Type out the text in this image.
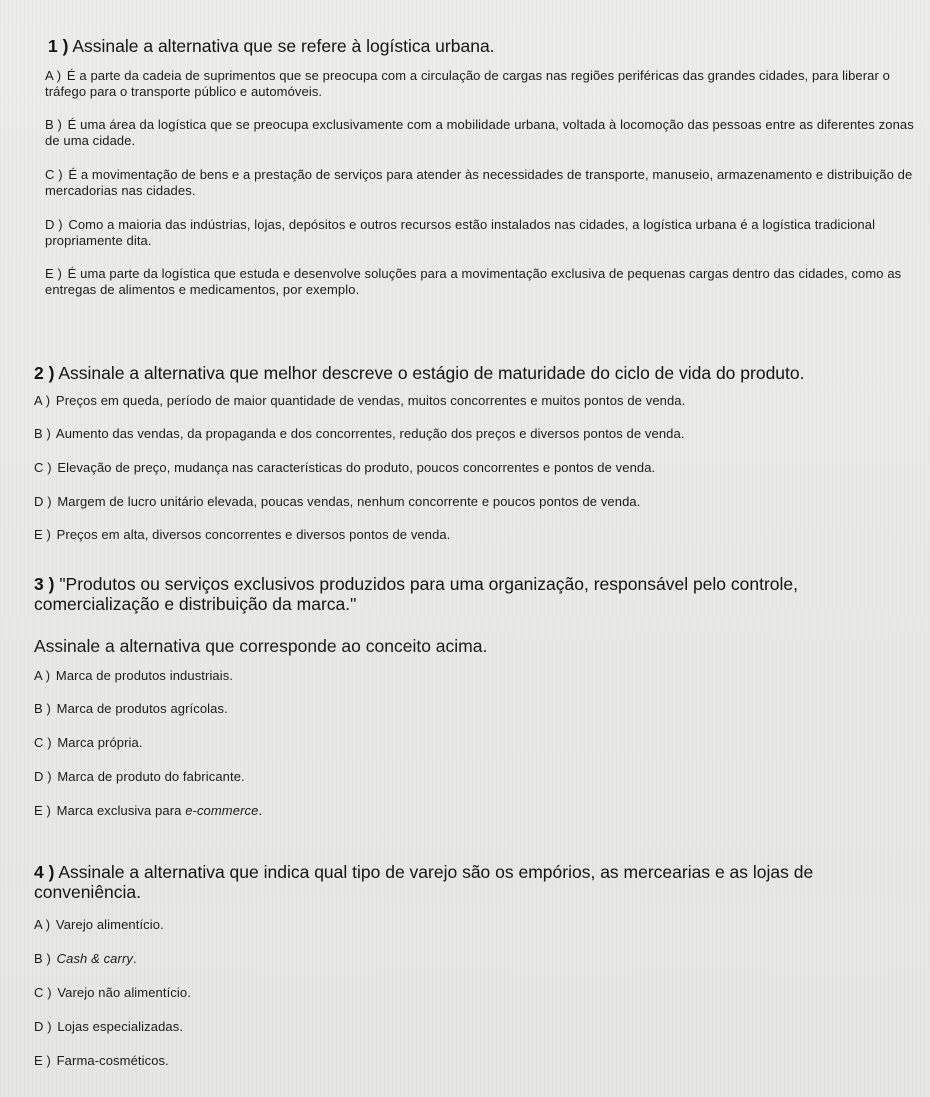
1 ) Assinale a alternativa que se refere à logística urbana.

A ) É a parte da cadeia de suprimentos que se preocupa com a circulação de cargas nas regiões periféricas das grandes cidades, para liberar o tráfego para o transporte público e automóveis.

B ) É uma área da logística que se preocupa exclusivamente com a mobilidade urbana, voltada à locomoção das pessoas entre as diferentes zonas de uma cidade.

C ) É a movimentação de bens e a prestação de serviços para atender às necessidades de transporte, manuseio, armazenamento e distribuição de mercadorias nas cidades.

D ) Como a maioria das indústrias, lojas, depósitos e outros recursos estão instalados nas cidades, a logística urbana é a logística tradicional propriamente dita.

E ) É uma parte da logística que estuda e desenvolve soluções para a movimentação exclusiva de pequenas cargas dentro das cidades, como as entregas de alimentos e medicamentos, por exemplo.

2 ) Assinale a alternativa que melhor descreve o estágio de maturidade do ciclo de vida do produto.

A ) Preços em queda, período de maior quantidade de vendas, muitos concorrentes e muitos pontos de venda.

B ) Aumento das vendas, da propaganda e dos concorrentes, redução dos preços e diversos pontos de venda.

C ) Elevação de preço, mudança nas características do produto, poucos concorrentes e pontos de venda.

D ) Margem de lucro unitário elevada, poucas vendas, nenhum concorrente e poucos pontos de venda.

E ) Preços em alta, diversos concorrentes e diversos pontos de venda.

3 ) "Produtos ou serviços exclusivos produzidos para uma organização, responsável pelo controle, comercialização e distribuição da marca."

Assinale a alternativa que corresponde ao conceito acima.

A ) Marca de produtos industriais.

B ) Marca de produtos agrícolas.

C ) Marca própria.

D ) Marca de produto do fabricante.

E ) Marca exclusiva para e-commerce.

4 ) Assinale a alternativa que indica qual tipo de varejo são os empórios, as mercearias e as lojas de conveniência.

A ) Varejo alimentício.

B ) Cash & carry.

C ) Varejo não alimentício.

D ) Lojas especializadas.

E ) Farma-cosméticos.
